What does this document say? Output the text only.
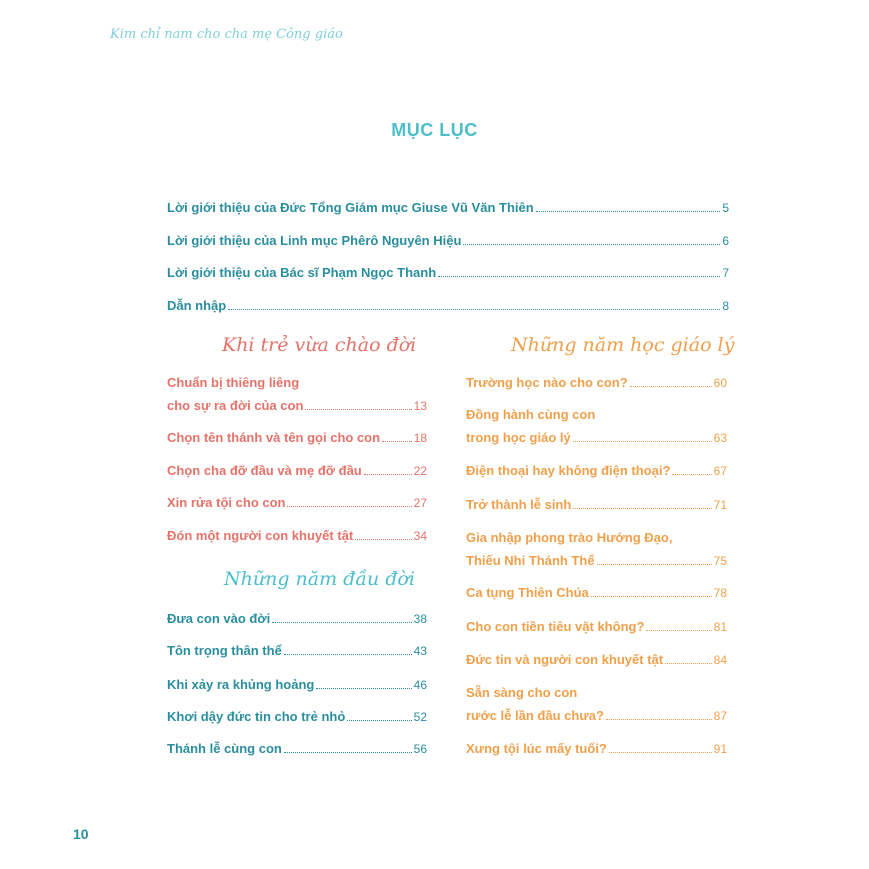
Kim chỉ nam cho cha mẹ Công giáo
MỤC LỤC
Lời giới thiệu của Đức Tổng Giám mục Giuse Vũ Văn Thiên	5
Lời giới thiệu của Linh mục Phêrô Nguyên Hiệu	6
Lời giới thiệu của Bác sĩ Phạm Ngọc Thanh	7
Dẫn nhập	8
Khi trẻ vừa chào đời	Những năm học giáo lý
Những năm đầu đời
Chuẩn bị thiêng liêng
cho sự ra đời của con	13
Chọn tên thánh và tên gọi cho con	18
Chọn cha đỡ đầu và mẹ đỡ đầu	22
Xin rửa tội cho con	27
Đón một người con khuyết tật	34
Đưa con vào đời	38
Tôn trọng thân thể	43
Khi xảy ra khủng hoảng	46
Khơi dậy đức tin cho trẻ nhỏ	52
Thánh lễ cùng con	56
Trường học nào cho con?	60
Đồng hành cùng con
trong học giáo lý	63
Điện thoại hay không điện thoại?	67
Trở thành lễ sinh	71
Gia nhập phong trào Hướng Đạo,
Thiếu Nhi Thánh Thể	75
Ca tụng Thiên Chúa	78
Cho con tiền tiêu vặt không?	81
Đức tin và người con khuyết tật	84
Sẵn sàng cho con
rước lễ lần đầu chưa?	87
Xưng tội lúc mấy tuổi?	91
10
